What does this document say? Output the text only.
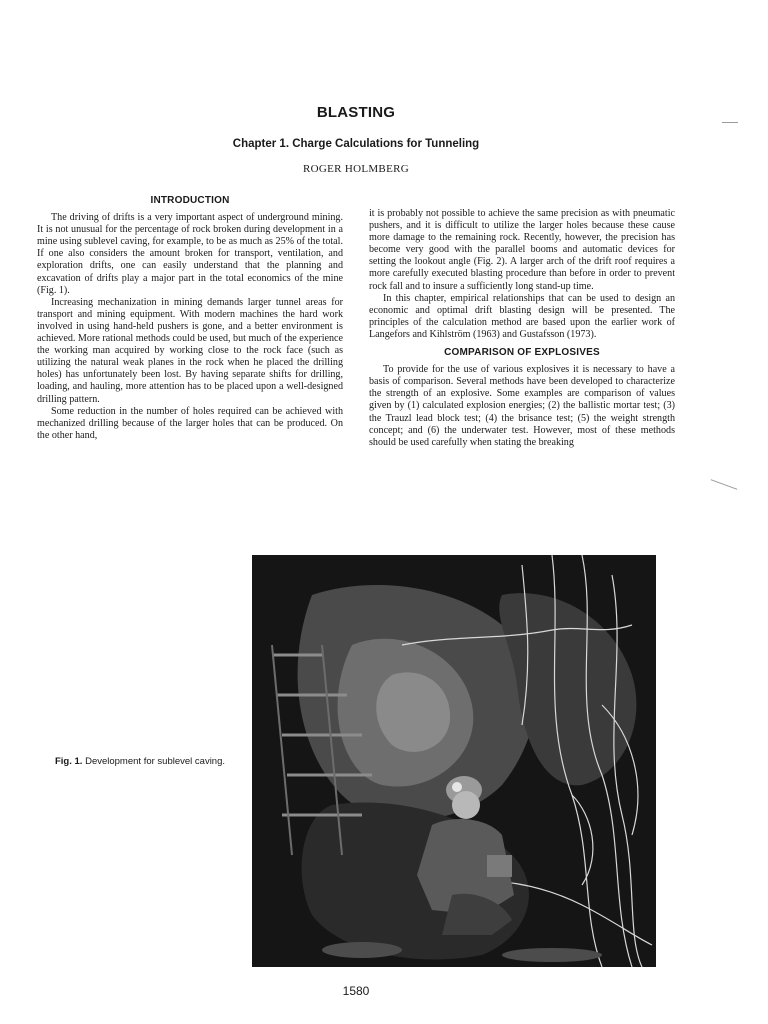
BLASTING
Chapter 1. Charge Calculations for Tunneling
ROGER HOLMBERG
INTRODUCTION

The driving of drifts is a very important aspect of underground mining. It is not unusual for the percentage of rock broken during development in a mine using sublevel caving, for example, to be as much as 25% of the total. If one also considers the amount broken for transport, ventilation, and exploration drifts, one can easily understand that the planning and excavation of drifts play a major part in the total economics of the mine (Fig. 1).

Increasing mechanization in mining demands larger tunnel areas for transport and mining equipment. With modern machines the hard work involved in using hand-held pushers is gone, and a better environment is achieved. More rational methods could be used, but much of the experience the working man acquired by working close to the rock face (such as utilizing the natural weak planes in the rock when he placed the drilling holes) has unfortunately been lost. By having separate shifts for drilling, loading, and hauling, more attention has to be placed upon a well-designed drilling pattern.

Some reduction in the number of holes required can be achieved with mechanized drilling because of the larger holes that can be produced. On the other hand,

it is probably not possible to achieve the same precision as with pneumatic pushers, and it is difficult to utilize the larger holes because these cause more damage to the remaining rock. Recently, however, the precision has become very good with the parallel booms and automatic devices for setting the lookout angle (Fig. 2). A larger arch of the drift roof requires a more carefully executed blasting procedure than before in order to prevent rock fall and to insure a sufficiently long stand-up time.

In this chapter, empirical relationships that can be used to design an economic and optimal drift blasting design will be presented. The principles of the calculation method are based upon the earlier work of Langefors and Kihlström (1963) and Gustafsson (1973).

COMPARISON OF EXPLOSIVES

To provide for the use of various explosives it is necessary to have a basis of comparison. Several methods have been developed to characterize the strength of an explosive. Some examples are comparison of values given by (1) calculated explosion energies; (2) the ballistic mortar test; (3) the Trauzl lead block test; (4) the brisance test; (5) the weight strength concept; and (6) the underwater test. However, most of these methods should be used carefully when stating the breaking

Fig. 1. Development for sublevel caving.
1580
